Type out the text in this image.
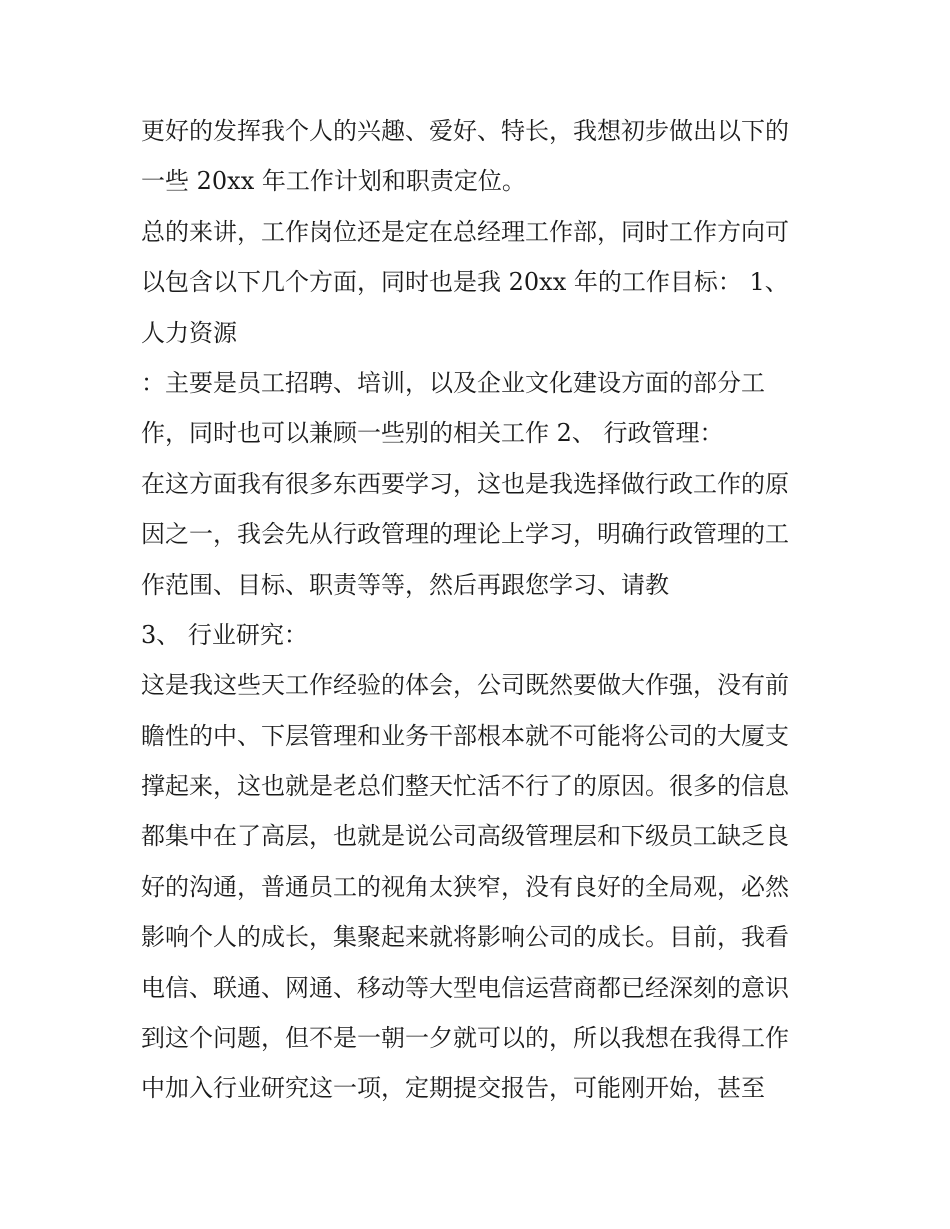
更好的发挥我个人的兴趣、爱好、特长，我想初步做出以下的
一些 20xx 年工作计划和职责定位。
总的来讲，工作岗位还是定在总经理工作部，同时工作方向可
以包含以下几个方面，同时也是我 20xx 年的工作目标： 1、
人力资源
：主要是员工招聘、培训，以及企业文化建设方面的部分工
作，同时也可以兼顾一些别的相关工作 2、 行政管理：
在这方面我有很多东西要学习，这也是我选择做行政工作的原
因之一，我会先从行政管理的理论上学习，明确行政管理的工
作范围、目标、职责等等，然后再跟您学习、请教
3、 行业研究：
这是我这些天工作经验的体会，公司既然要做大作强，没有前
瞻性的中、下层管理和业务干部根本就不可能将公司的大厦支
撑起来，这也就是老总们整天忙活不行了的原因。很多的信息
都集中在了高层，也就是说公司高级管理层和下级员工缺乏良
好的沟通，普通员工的视角太狭窄，没有良好的全局观，必然
影响个人的成长，集聚起来就将影响公司的成长。目前，我看
电信、联通、网通、移动等大型电信运营商都已经深刻的意识
到这个问题，但不是一朝一夕就可以的，所以我想在我得工作
中加入行业研究这一项，定期提交报告，可能刚开始，甚至
